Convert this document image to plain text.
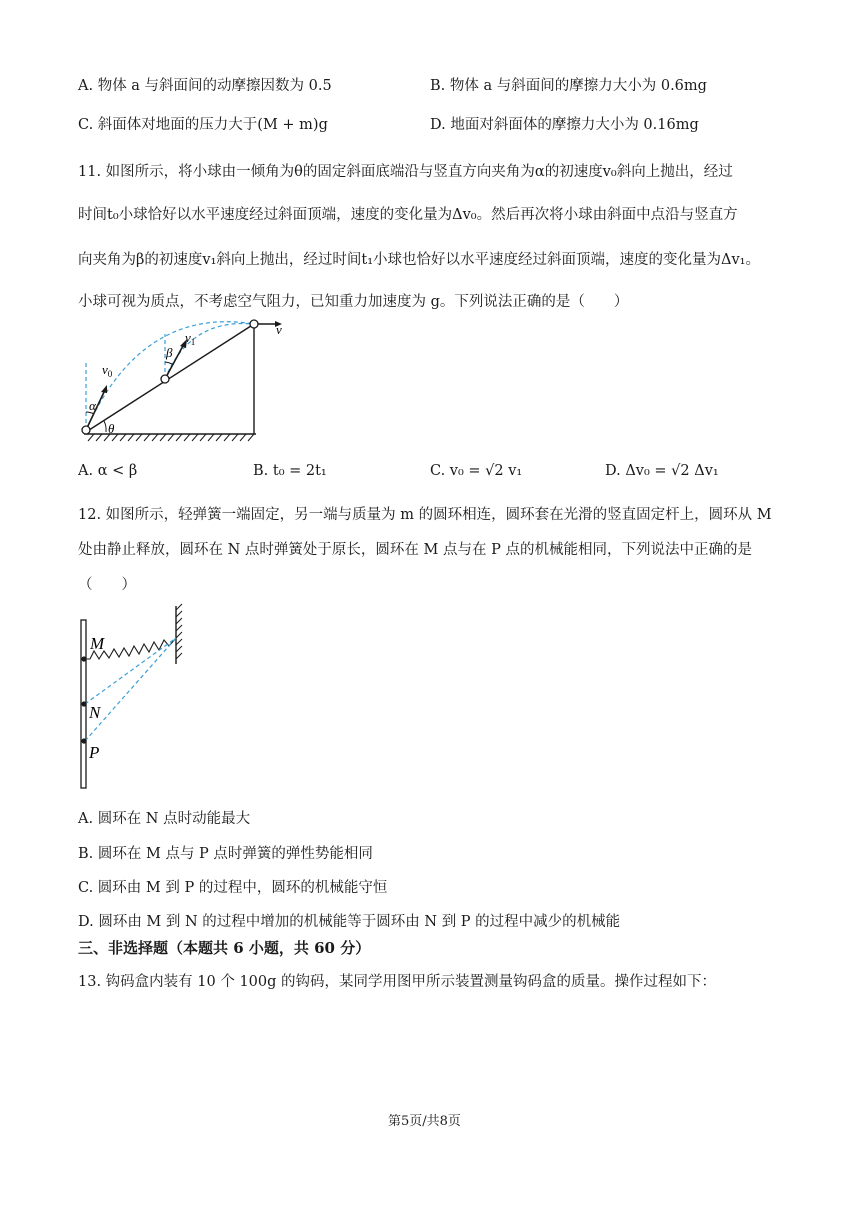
A. 物体 a 与斜面间的动摩擦因数为 0.5	B. 物体 a 与斜面间的摩擦力大小为 0.6mg
C. 斜面体对地面的压力大于(M + m)g	D. 地面对斜面体的摩擦力大小为 0.16mg
11. 如图所示，将小球由一倾角为θ的固定斜面底端沿与竖直方向夹角为α的初速度v₀斜向上抛出，经过
时间t₀小球恰好以水平速度经过斜面顶端，速度的变化量为Δv₀。然后再次将小球由斜面中点沿与竖直方
向夹角为β的初速度v₁斜向上抛出，经过时间t₁小球也恰好以水平速度经过斜面顶端，速度的变化量为Δv₁。
小球可视为质点，不考虑空气阻力，已知重力加速度为 g。下列说法正确的是（　　）
$v_0$
α
θ
β
$v_1$
v
A. α < β	B. t₀ = 2t₁	C. v₀ = √2 v₁	D. Δv₀ = √2 Δv₁
12. 如图所示，轻弹簧一端固定，另一端与质量为 m 的圆环相连，圆环套在光滑的竖直固定杆上，圆环从 M
处由静止释放，圆环在 N 点时弹簧处于原长，圆环在 M 点与在 P 点的机械能相同，下列说法中正确的是
（　　）
M
N
P
A. 圆环在 N 点时动能最大
B. 圆环在 M 点与 P 点时弹簧的弹性势能相同
C. 圆环由 M 到 P 的过程中，圆环的机械能守恒
D. 圆环由 M 到 N 的过程中增加的机械能等于圆环由 N 到 P 的过程中减少的机械能
三、非选择题（本题共 6 小题，共 60 分）
13. 钩码盒内装有 10 个 100g 的钩码，某同学用图甲所示装置测量钩码盒的质量。操作过程如下：
第5页/共8页
